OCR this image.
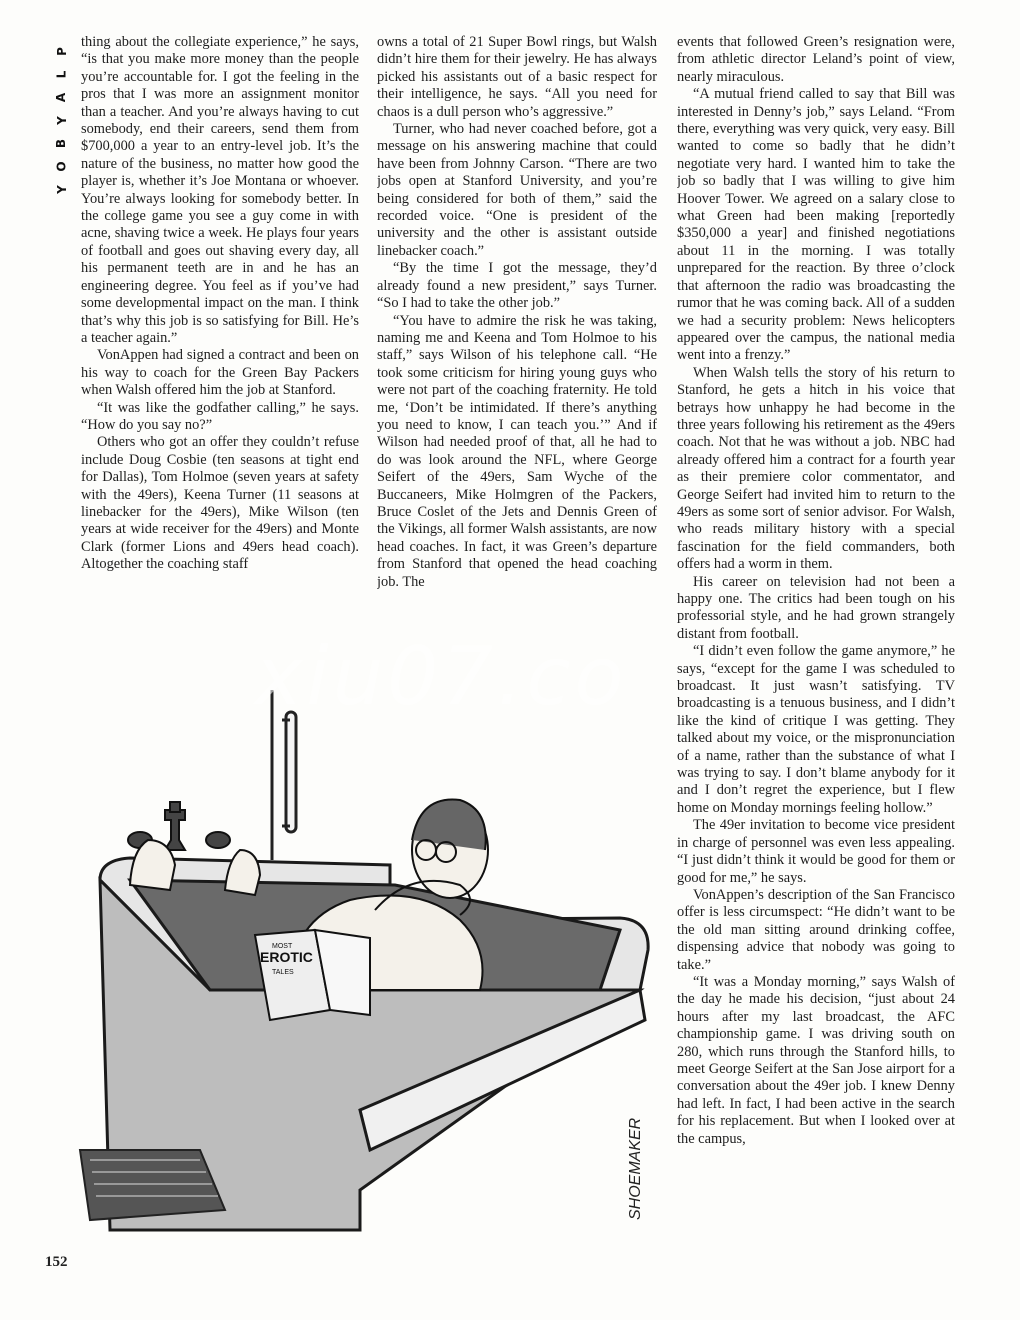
P
L
A
Y
B
O
Y

thing about the collegiate experience,” he says, “is that you make more money than the people you’re accountable for. I got the feeling in the pros that I was more an assignment monitor than a teacher. And you’re always having to cut somebody, end their careers, send them from $700,000 a year to an entry-level job. It’s the nature of the business, no matter how good the player is, whether it’s Joe Montana or whoever. You’re always looking for somebody better. In the college game you see a guy come in with acne, shaving twice a week. He plays four years of football and goes out shaving every day, all his permanent teeth are in and he has an engineering degree. You feel as if you’ve had some developmental impact on the man. I think that’s why this job is so satisfying for Bill. He’s a teacher again.”

VonAppen had signed a contract and been on his way to coach for the Green Bay Packers when Walsh offered him the job at Stanford.

“It was like the godfather calling,” he says. “How do you say no?”

Others who got an offer they couldn’t refuse include Doug Cosbie (ten seasons at tight end for Dallas), Tom Holmoe (seven years at safety with the 49ers), Keena Turner (11 seasons at linebacker for the 49ers), Mike Wilson (ten years at wide receiver for the 49ers) and Monte Clark (former Lions and 49ers head coach). Altogether the coaching staff

owns a total of 21 Super Bowl rings, but Walsh didn’t hire them for their jewelry. He has always picked his assistants out of a basic respect for their intelligence, he says. “All you need for chaos is a dull person who’s aggressive.”

Turner, who had never coached before, got a message on his answering machine that could have been from Johnny Carson. “There are two jobs open at Stanford University, and you’re being considered for both of them,” said the recorded voice. “One is president of the university and the other is assistant outside linebacker coach.”

“By the time I got the message, they’d already found a new president,” says Turner. “So I had to take the other job.”

“You have to admire the risk he was taking, naming me and Keena and Tom Holmoe to his staff,” says Wilson of his telephone call. “He took some criticism for hiring young guys who were not part of the coaching fraternity. He told me, ‘Don’t be intimidated. If there’s anything you need to know, I can teach you.’” And if Wilson had needed proof of that, all he had to do was look around the NFL, where George Seifert of the 49ers, Sam Wyche of the Buccaneers, Mike Holmgren of the Packers, Bruce Coslet of the Jets and Dennis Green of the Vikings, all former Walsh assistants, are now head coaches. In fact, it was Green’s departure from Stanford that opened the head coaching job. The

events that followed Green’s resignation were, from athletic director Leland’s point of view, nearly miraculous.

“A mutual friend called to say that Bill was interested in Denny’s job,” says Leland. “From there, everything was very quick, very easy. Bill wanted to come so badly that he didn’t negotiate very hard. I wanted him to take the job so badly that I was willing to give him Hoover Tower. We agreed on a salary close to what Green had been making [reportedly $350,000 a year] and finished negotiations about 11 in the morning. I was totally unprepared for the reaction. By three o’clock that afternoon the radio was broadcasting the rumor that he was coming back. All of a sudden we had a security problem: News helicopters appeared over the campus, the national media went into a frenzy.”

When Walsh tells the story of his return to Stanford, he gets a hitch in his voice that betrays how unhappy he had become in the three years following his retirement as the 49ers coach. Not that he was without a job. NBC had already offered him a contract for a fourth year as their premiere color commentator, and George Seifert had invited him to return to the 49ers as some sort of senior advisor. For Walsh, who reads military history with a special fascination for the field commanders, both offers had a worm in them.

His career on television had not been a happy one. The critics had been tough on his professorial style, and he had grown strangely distant from football.

“I didn’t even follow the game anymore,” he says, “except for the game I was scheduled to broadcast. It just wasn’t satisfying. TV broadcasting is a tenuous business, and I didn’t like the kind of critique I was getting. They talked about my voice, or the mispronunciation of a name, rather than the substance of what I was trying to say. I don’t blame anybody for it and I don’t regret the experience, but I flew home on Monday mornings feeling hollow.”

The 49er invitation to become vice president in charge of personnel was even less appealing. “I just didn’t think it would be good for them or good for me,” he says.

VonAppen’s description of the San Francisco offer is less circumspect: “He didn’t want to be the old man sitting around drinking coffee, dispensing advice that nobody was going to take.”

“It was a Monday morning,” says Walsh of the day he made his decision, “just about 24 hours after my last broadcast, the AFC championship game. I was driving south on 280, which runs through the Stanford hills, to meet George Seifert at the San Jose airport for a conversation about the 49er job. I knew Denny had left. In fact, I had been active in the search for his replacement. But when I looked over at the campus,

MOST
EROTIC
TALES
SHOEMAKER
xiu07.co
152
